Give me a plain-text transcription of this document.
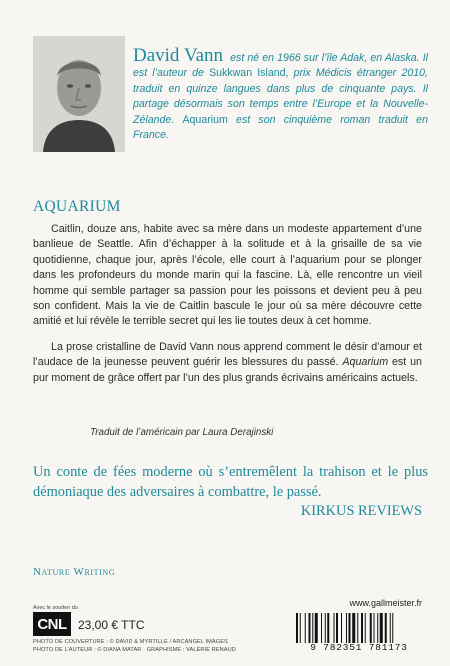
David Vann est né en 1966 sur l’île Adak, en Alaska. Il est l’auteur de Sukkwan Island, prix Médicis étranger 2010, traduit en quinze langues dans plus de cinquante pays. Il partage désormais son temps entre l’Europe et la Nouvelle-Zélande. Aquarium est son cinquième roman traduit en France.
AQUARIUM

Caitlin, douze ans, habite avec sa mère dans un modeste appartement d’une banlieue de Seattle. Afin d’échapper à la solitude et à la grisaille de sa vie quotidienne, chaque jour, après l’école, elle court à l’aquarium pour se plonger dans les profondeurs du monde marin qui la fascine. Là, elle rencontre un vieil homme qui semble partager sa passion pour les poissons et devient peu à peu son confident. Mais la vie de Caitlin bascule le jour où sa mère découvre cette amitié et lui révèle le terrible secret qui les lie toutes deux à cet homme.

La prose cristalline de David Vann nous apprend comment le désir d’amour et l’audace de la jeunesse peuvent guérir les blessures du passé. Aquarium est un pur moment de grâce offert par l’un des plus grands écrivains américains actuels.

Traduit de l’américain par Laura Derajinski
Un conte de fées moderne où s’entremêlent la trahison et le plus démoniaque des adversaires à combattre, le passé.
KIRKUS REVIEWS
Nature Writing
Avec le soutien du
CNL 23,00 € TTC
PHOTO DE COUVERTURE : © DAVID & MYRTILLE / ARCANGEL IMAGES
PHOTO DE L’AUTEUR : © DIANA MATAR · GRAPHISME : VALÉRIE RENAUD
www.gallmeister.fr
9 782351 781173
